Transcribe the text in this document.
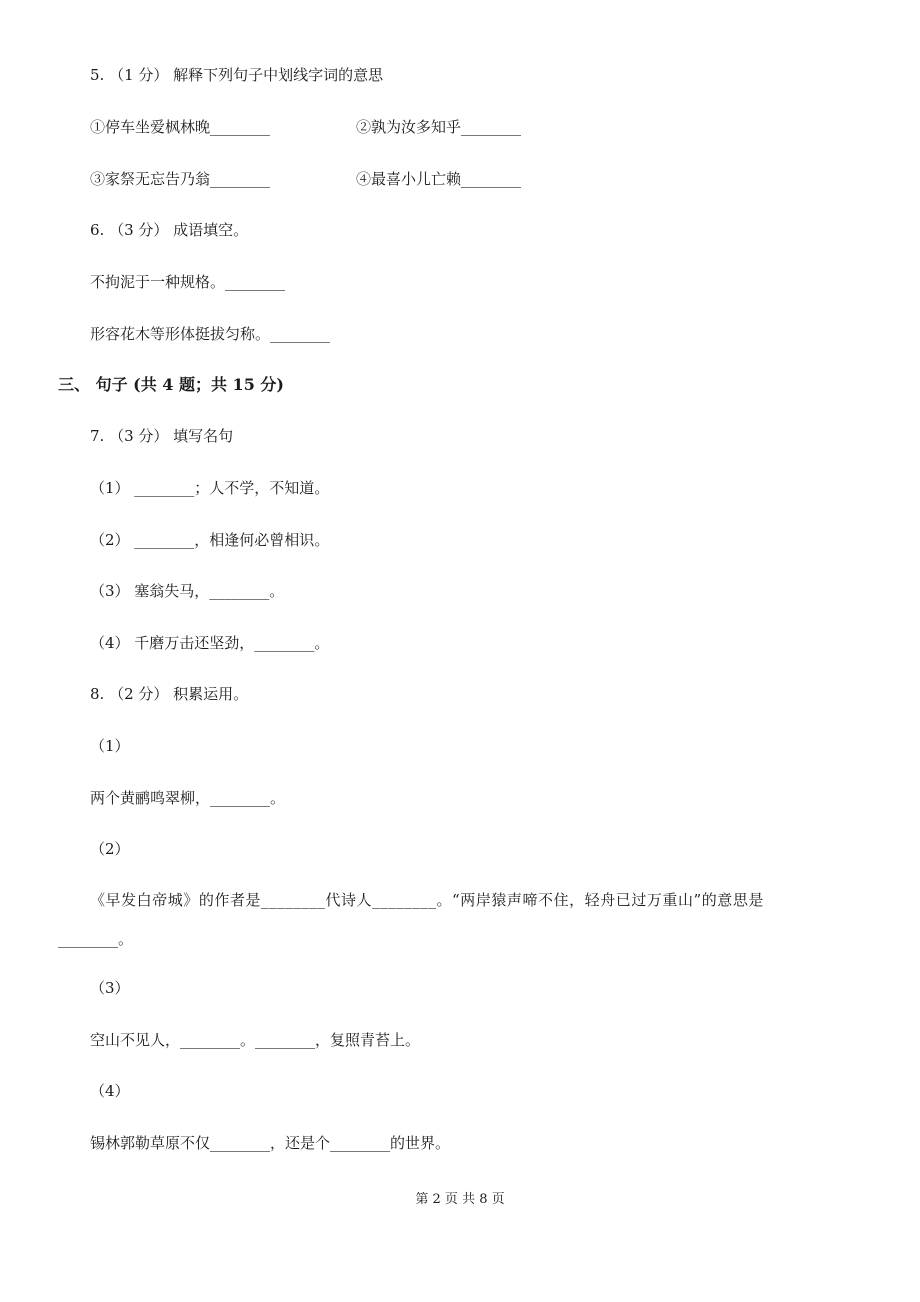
5. （1 分） 解释下列句子中划线字词的意思
①停车坐爱枫林晚________	②孰为汝多知乎________
③家祭无忘告乃翁________	④最喜小儿亡赖________
6. （3 分） 成语填空。
不拘泥于一种规格。________
形容花木等形体挺拔匀称。________
三、 句子 (共 4 题；共 15 分)
7. （3 分） 填写名句
（1） ________；人不学，不知道。
（2） ________，相逢何必曾相识。
（3） 塞翁失马，________。
（4） 千磨万击还坚劲，________。
8. （2 分） 积累运用。
（1）
两个黄鹂鸣翠柳，________。
（2）
《早发白帝城》的作者是________代诗人________。“两岸猿声啼不住，轻舟已过万重山”的意思是
________。
（3）
空山不见人，________。________，复照青苔上。
（4）
锡林郭勒草原不仅________，还是个________的世界。
第 2 页 共 8 页
